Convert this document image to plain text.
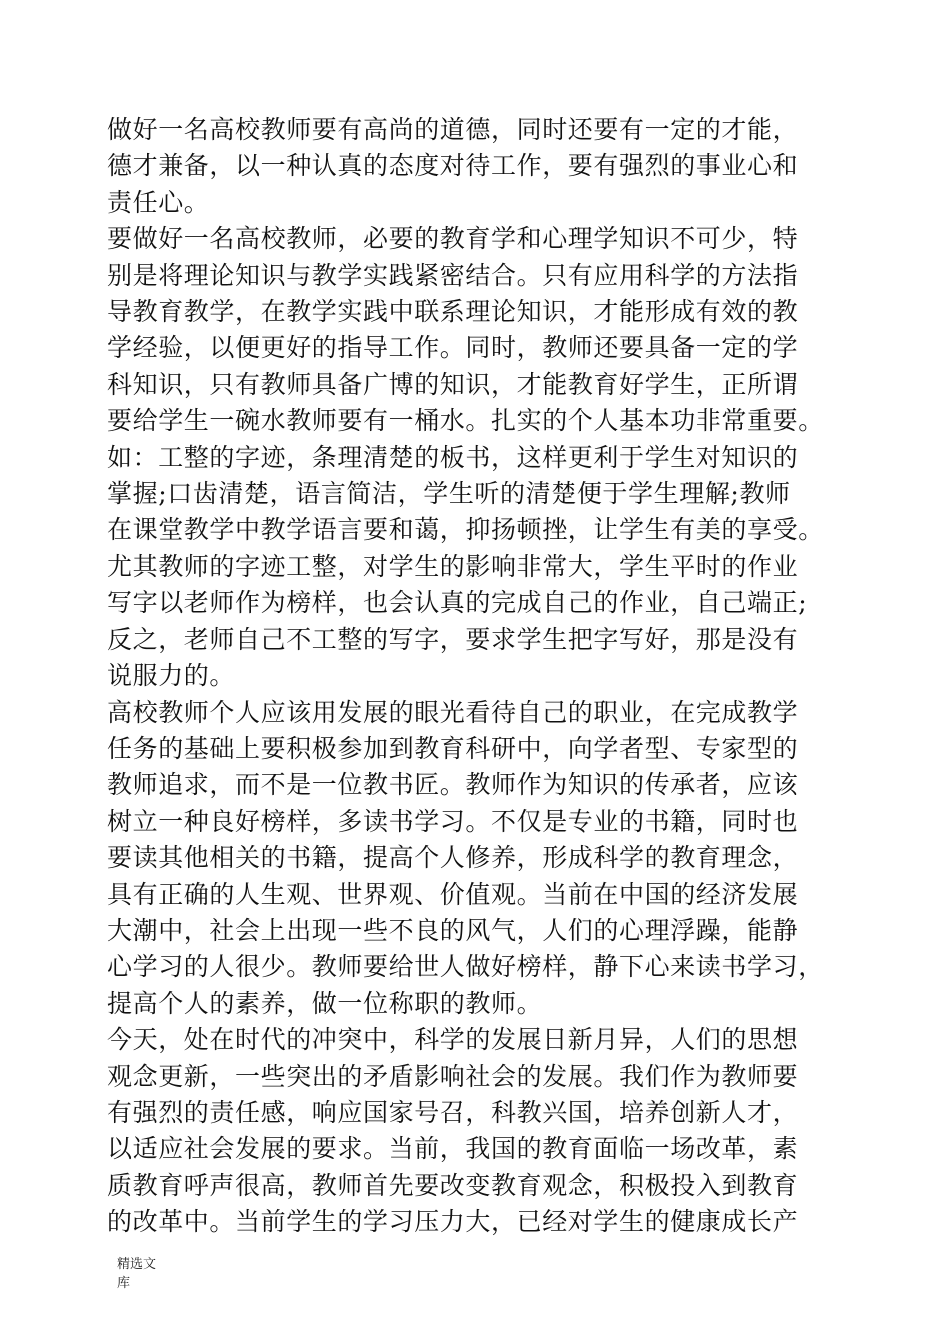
做好一名高校教师要有高尚的道德，同时还要有一定的才能，
德才兼备，以一种认真的态度对待工作，要有强烈的事业心和
责任心。

要做好一名高校教师，必要的教育学和心理学知识不可少，特
别是将理论知识与教学实践紧密结合。只有应用科学的方法指
导教育教学，在教学实践中联系理论知识，才能形成有效的教
学经验，以便更好的指导工作。同时，教师还要具备一定的学
科知识，只有教师具备广博的知识，才能教育好学生，正所谓
要给学生一碗水教师要有一桶水。扎实的个人基本功非常重要。
如：工整的字迹，条理清楚的板书，这样更利于学生对知识的
掌握;口齿清楚，语言简洁，学生听的清楚便于学生理解;教师
在课堂教学中教学语言要和蔼，抑扬顿挫，让学生有美的享受。
尤其教师的字迹工整，对学生的影响非常大，学生平时的作业
写字以老师作为榜样，也会认真的完成自己的作业，自己端正;
反之，老师自己不工整的写字，要求学生把字写好，那是没有
说服力的。

高校教师个人应该用发展的眼光看待自己的职业，在完成教学
任务的基础上要积极参加到教育科研中，向学者型、专家型的
教师追求，而不是一位教书匠。教师作为知识的传承者，应该
树立一种良好榜样，多读书学习。不仅是专业的书籍，同时也
要读其他相关的书籍，提高个人修养，形成科学的教育理念，
具有正确的人生观、世界观、价值观。当前在中国的经济发展
大潮中，社会上出现一些不良的风气，人们的心理浮躁，能静
心学习的人很少。教师要给世人做好榜样，静下心来读书学习，
提高个人的素养，做一位称职的教师。

今天，处在时代的冲突中，科学的发展日新月异，人们的思想
观念更新，一些突出的矛盾影响社会的发展。我们作为教师要
有强烈的责任感，响应国家号召，科教兴国，培养创新人才，
以适应社会发展的要求。当前，我国的教育面临一场改革，素
质教育呼声很高，教师首先要改变教育观念，积极投入到教育
的改革中。当前学生的学习压力大，已经对学生的健康成长产

精选文
库
